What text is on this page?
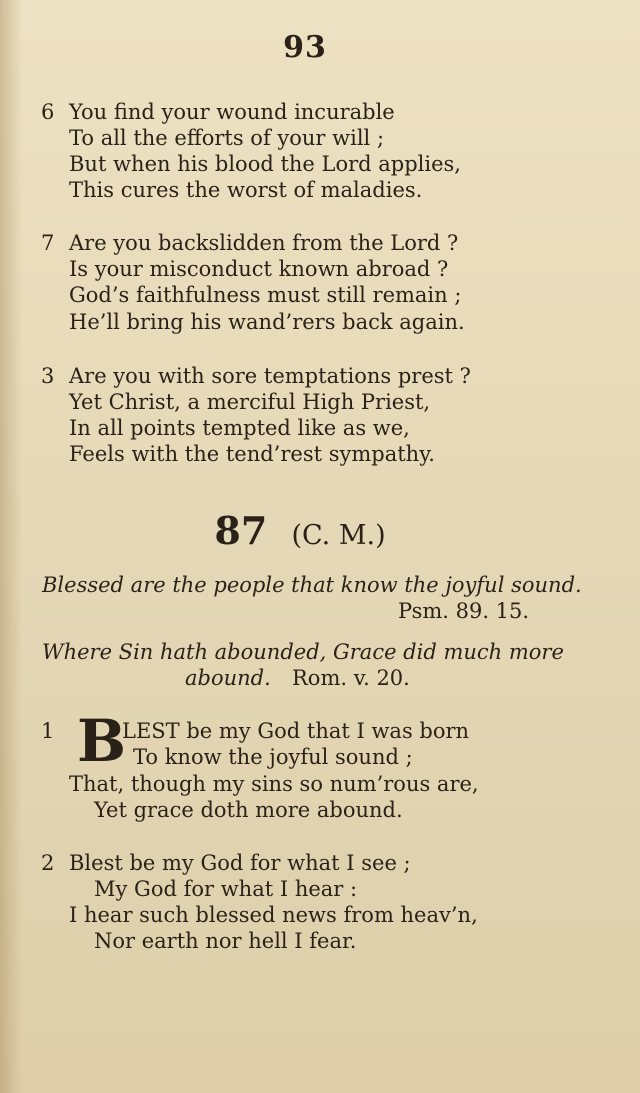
93
6 You find your wound incurable
To all the efforts of your will ;
But when his blood the Lord applies,
This cures the worst of maladies.
7 Are you backslidden from the Lord ?
Is your misconduct known abroad ?
God’s faithfulness must still remain ;
He’ll bring his wand’rers back again.
3 Are you with sore temptations prest ?
Yet Christ, a merciful High Priest,
In all points tempted like as we,
Feels with the tend’rest sympathy.
87 (C. M.)
Blessed are the people that know the joyful sound.
Psm. 89. 15.
Where Sin hath abounded, Grace did much more
abound. Rom. v. 20.
1 B
LEST be my God that I was born
To know the joyful sound ;
That, though my sins so num’rous are,
Yet grace doth more abound.
2 Blest be my God for what I see ;
My God for what I hear :
I hear such blessed news from heav’n,
Nor earth nor hell I fear.
